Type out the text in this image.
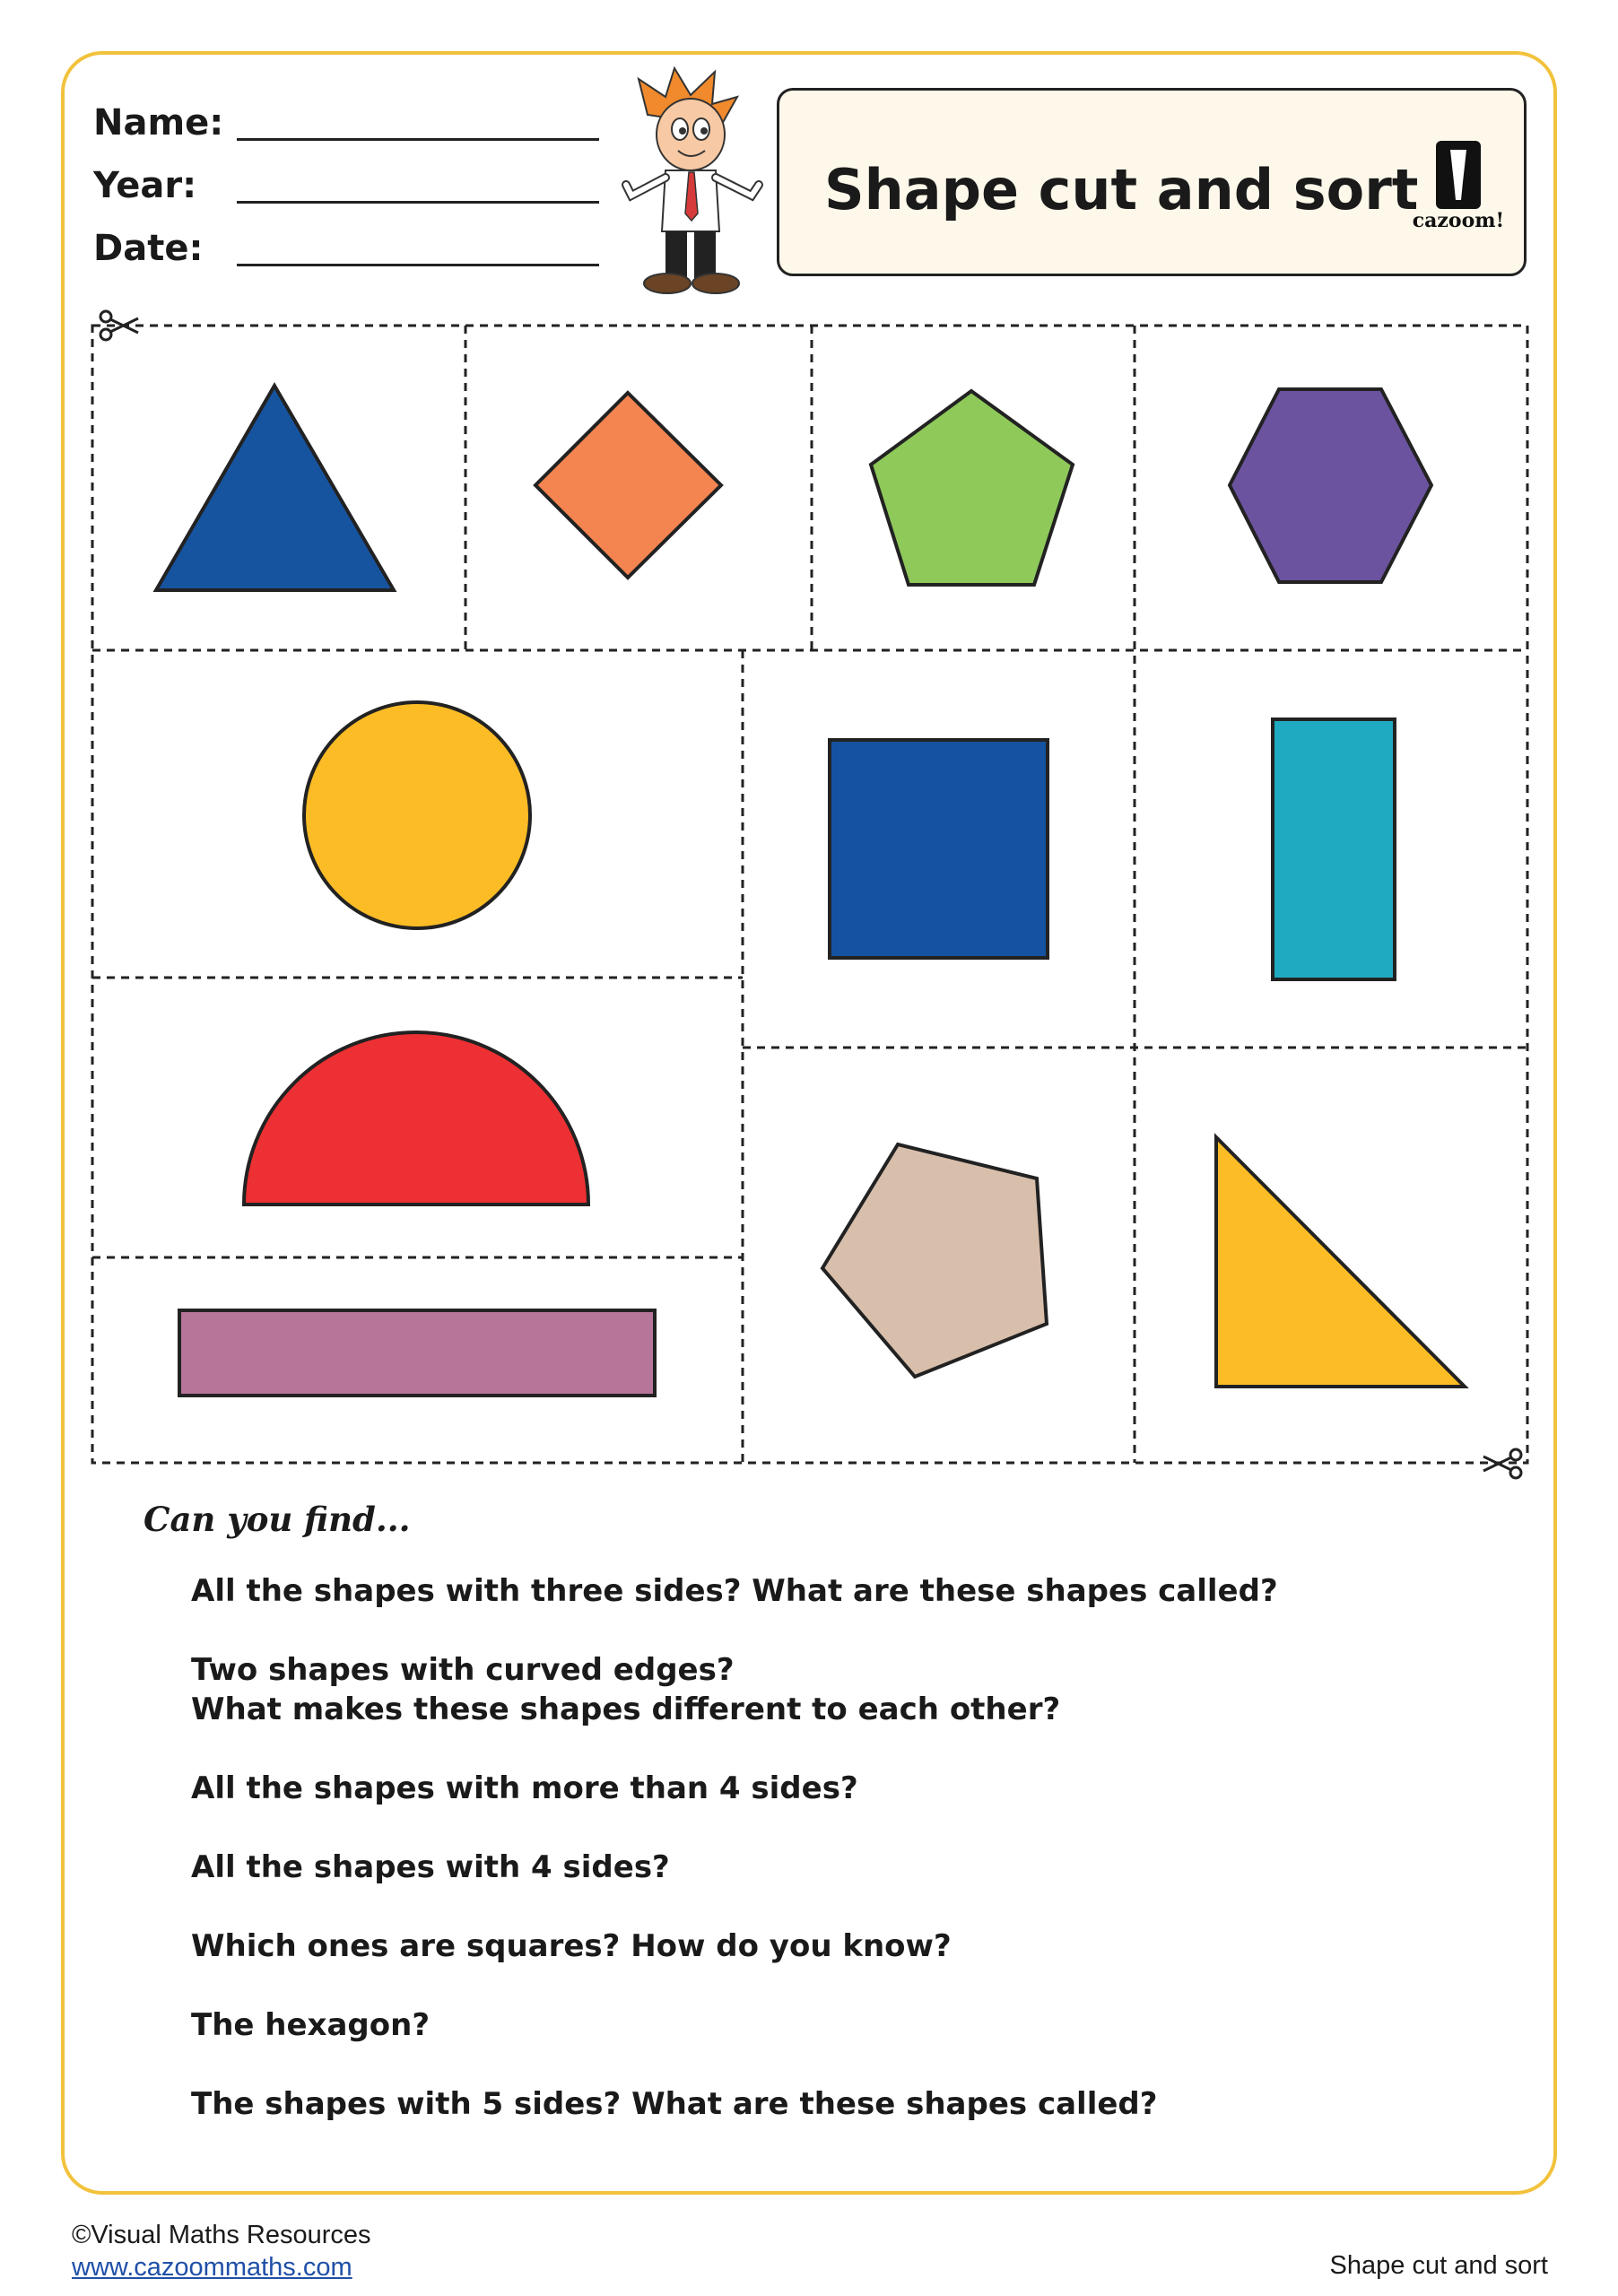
Name:
Year:
Date:
Shape cut and sort
cazoom!
Can you find...
All the shapes with three sides? What are these shapes called?
Two shapes with curved edges?
What makes these shapes different to each other?
All the shapes with more than 4 sides?
All the shapes with 4 sides?
Which ones are squares? How do you know?
The hexagon?
The shapes with 5 sides? What are these shapes called?
©Visual Maths Resources
www.cazoommaths.com	Shape cut and sort
